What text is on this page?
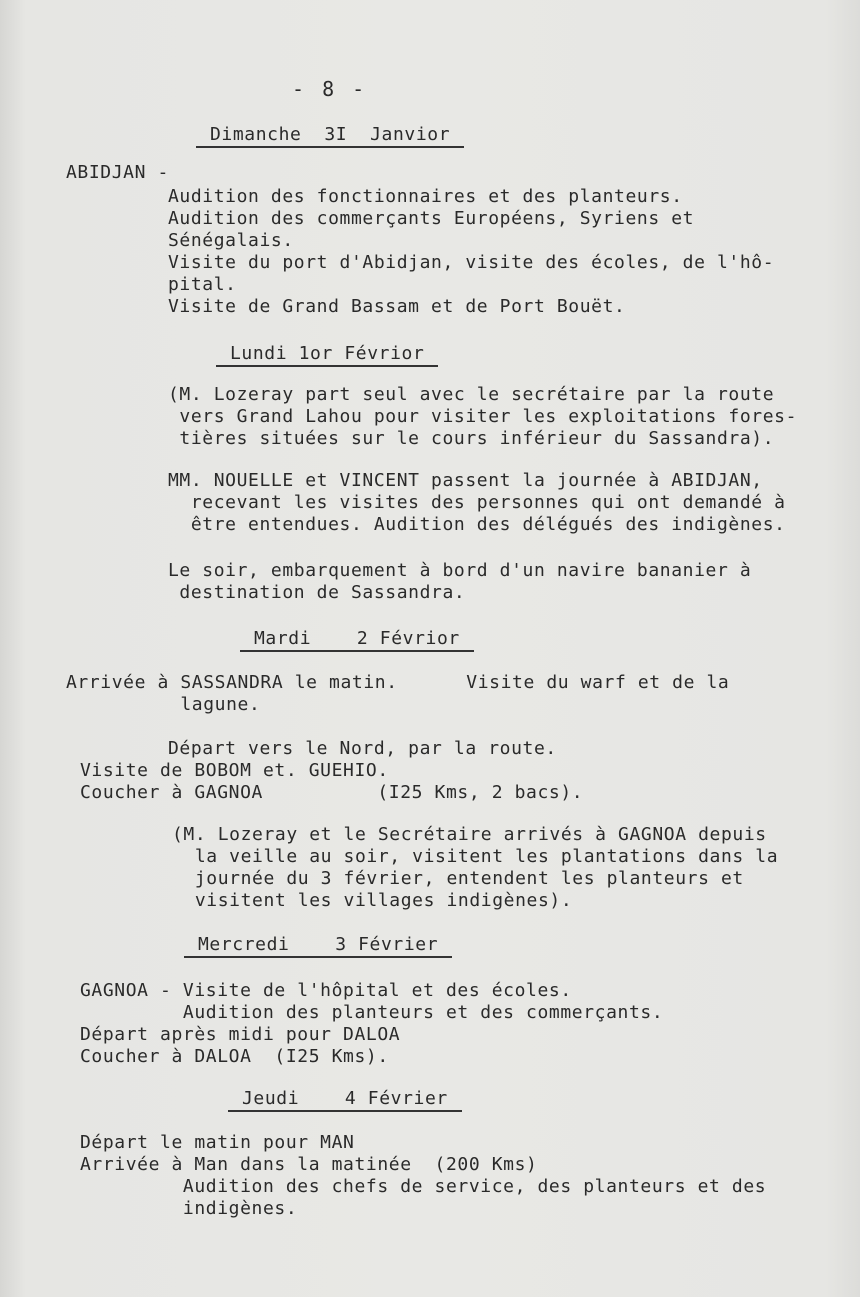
- 8 -

Dimanche  3I  Janvior

ABIDJAN -

Audition des fonctionnaires et des planteurs.

Audition des commerçants Européens, Syriens et

Sénégalais.

Visite du port d'Abidjan, visite des écoles, de l'hô-

pital.

Visite de Grand Bassam et de Port Bouët.

Lundi 1or Févrior

(M. Lozeray part seul avec le secrétaire par la route

vers Grand Lahou pour visiter les exploitations fores-

tières situées sur le cours inférieur du Sassandra).

MM. NOUELLE et VINCENT passent la journée à ABIDJAN,

recevant les visites des personnes qui ont demandé à

être entendues. Audition des délégués des indigènes.

Le soir, embarquement à bord d'un navire bananier à

destination de Sassandra.

Mardi    2 Févrior

Arrivée à SASSANDRA le matin.      Visite du warf et de la

lagune.

Départ vers le Nord, par la route.

Visite de BOBOM et. GUEHIO.

Coucher à GAGNOA          (I25 Kms, 2 bacs).

(M. Lozeray et le Secrétaire arrivés à GAGNOA depuis

la veille au soir, visitent les plantations dans la

journée du 3 février, entendent les planteurs et

visitent les villages indigènes).

Mercredi    3 Février

GAGNOA - Visite de l'hôpital et des écoles.

Audition des planteurs et des commerçants.

Départ après midi pour DALOA

Coucher à DALOA  (I25 Kms).

Jeudi    4 Février

Départ le matin pour MAN

Arrivée à Man dans la matinée  (200 Kms)

Audition des chefs de service, des planteurs et des

indigènes.
